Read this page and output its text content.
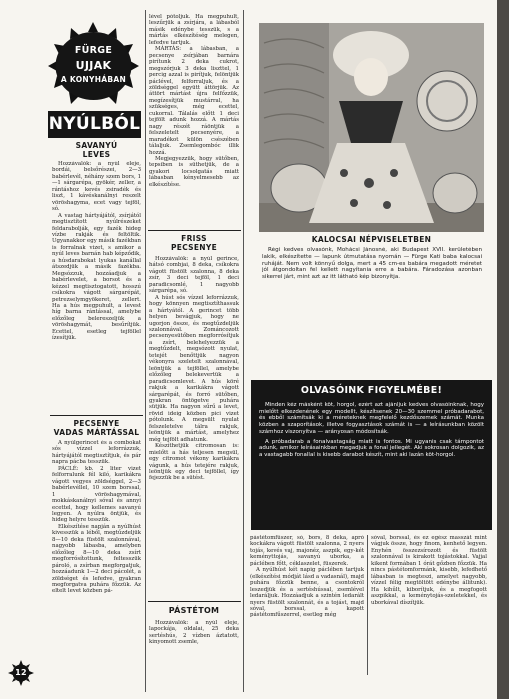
FÜRGE
UJJAK
A KONYHÁBAN
NYÚLBÓL
SAVANYÚ
LEVES

Hozzávalók: a nyúl eleje, bordái, belsőrészei, 2—3 babérlevél, néhány szem bors, 1—1 sárgarépa, gyökér, zeller, a rántáshoz kevés zsiradék és liszt, 1 kávéskanálnyi reszelt vöröshagyma, ecet vagy tejföl, só.

A vastag hártyájától, zsírjától megtisztított nyúlrészeket feldarabolják, egy fazék hideg vízbe rakják és feltöltik. Ugyanakkor egy másik fazékban is forralnak vizet, s amikor a nyúl leves barnán hab képződik, a húsdarabokat lyukas kanállal átszedjük a másik fazékba. Megsózzuk, hozzáadjuk a babérlevelet, a borsot és a kézzel megtisztogatott, hosszú csíkokra vágott sárgarépát, petrezselymgyökeret, zellert. Ha a hús megpuhult, a levest híg barna rántással, amelybe előzőleg belereszeljük a vöröshagymát, besűrítjük. Ecettel, esetleg tejföllel ízesítjük.

PECSENYE
VADAS MÁRTÁSSAL

A nyúlgerincet és a combokat sós vízzel leforrázzuk, hártyájától megtisztítjuk, és pár napra pácba tesszük.

PÁCLÉ: kb. 2 liter vizet felforralunk fél kiló, karikákra vágott vegyes zöldséggel, 2—3 babérlevéllel, 10 szem borssal, 1 vöröshagymával, mokkáskanálnyi sóval és annyi ecettel, hogy kellemes savanyú legyen. A nyúlra öntjük, és hideg helyre tesszük.

Elkészítése napján a nyúlhúst kivesszük a léből, megtűzdeljük 8—10 deka füstölt szalonnával, nagyobb lábasba, amelyben előzőleg 8—10 deka zsírt megforrósítottunk, feltesszük pároló, a zsírban megforgatjuk, hozzáadunk 1—2 deci pácolét, a zöldséget és lefedve, gyakran megforgatva puhára főzzük. Az eltelt levet közben pá-

lével pótoljuk. Ha megpuhult, leszűrjük a zsírjára, a lábasból másik edénybe tesszük, s a mártás elkészítéség melegen, lefedve tartjuk.

MÁRTÁS: a lábasban, a pecsenye zsírjában barnára pirítunk 2 deka cukrot, megszórjuk 3 deka liszttel, 1 percig azzal is pirítjuk, felöntjük páclével, felforraljuk, és a zöldséggel együtt áttörjük. Az áttört mártást újra felfőzzük, megízesítjük mustárral, ha szükséges, még ecettel, cukorral. Tálalás előtt 1 deci tejfölt adunk hozzá. A mártás nagy részét ráöntjük a felszeletelt pecsenyére, a maradékot külön csészében tálaljuk. Zsemlegombóc illik hozzá.

Megjegyezzük, hogy sütőben, tepsiben is süthetjük, de a gyakori locsolgatás miatt lábasban kényelmesebb az elkészítése.

FRISS
PECSENYE

Hozzávalók: a nyúl gerince, hátsó combjai, 8 deka, csíkokra vágott füstölt szalonna, 8 deka zsír, 3 deci tejföl, 1 deci paradicsomlé, 1 nagyobb sárgarépa, só.

A húst sós vízzel leforrázzuk, hogy könnyen megtisztíthassuk a hártyától. A gerincet több helyen bevágjuk, hogy ne ugorjon össze, és megtűzdeljük szalonnával. Zománcozott pecsenyesütőben megforrósítjuk a zsírt, belehelyezzük a megtűzdelt, megsózott nyulat, tetejét benőttjük nagyon vékonyra szeletelt szalonnával, leöntjük a tejföllel, amelybe előzőleg belekevertük a paradicsomlevet. A hús köré rakjuk a karikákra vágott sárgarépát, és forró sütőben, gyakran öntögetve puhára sütjük. Ha nagyon sűrű a levet, rövid ideig közben pici vizet pótolunk. A megsült nyulat felszeletelve tálra rakjuk, leöntjük a mártást, amelyhez még tejfölt adhatunk.

Készíthetjük citromosan is: mielőtt a hás teljesen megsül, egy citromot vékony karikákra vágunk, a hús tetejére rakjuk, leöntjük egy deci tejföllel, így fejezzük be a sütést.

PÁSTÉTOM

Hozzávalók: a nyúl eleje, lapockája, oldalai, 25 deka sertéshús, 2 vízben áztatott, kinyomott zsemle,

KALOCSAI NÉPVISELETBEN

Régi kedves olvasónk, Mohácsi Jánosné, aki Budapest XVII. kerületében lakik, elkészítette — lapunk útmutatása nyomán — Fürge Kati baba kalocsai ruháját. Nem volt könnyű dolga, mert a 45 cm-es babára megadott méretet jól átgondoltan fel kellett nagyítania erre a babára. Fáradozása azonban sikerrel járt, mint azt az itt látható kép bizonyítja.

OLVASÓINK FIGYELMÉBE!

Minden kéz másként köt, horgol, ezért azt ajánljuk kedves olvasóinknak, hogy mielőtt elkezdenének egy modellt, készítsenek 20—30 szemmel próbadarabot, és ebből számítsák ki a méreteknek megfelelő kezdőszemek számát. Munka közben a szaporítások, illetve fogyasztások számát is — a leírásunkban közölt számhoz viszonyítva — arányosan módosítsák.

A próbadarab a fonalvastagság miatt is fontos. Mi ugyanis csak támpontot adunk, amikor leírásainkban megadjuk a fonal jellegét. Aki sokrosan dolgozik, az a vastagabb fonallal is kisebb darabot készít, mint aki lazán köt-horgol.

pástétomfűszer, só, bors, 8 deka, apró kockákra vágott füstölt szalonna, 2 nyers tojás, kevés vaj, majonéz, aszpik, egy-két keményttojás, savanyú uborka, a páclében főtt, céklaszelet, füszerek.

A nyúlhúst két napig páclében tartjuk (elkészítési módját lásd a vadasnál), majd puhára főzzük benne, a csontokról leszedjük és a sertéshússal, zsemlével ledaráljuk. Hozzáadjuk a szintén ledarált nyers füstölt szalonnát, és a tojást, majd sóval, borssal, a kapott pástétomfűszerrel, esetleg még

sóval, borssal, és ez egész masszát mint vágjuk össze, hogy finom, kenhető legyen. Enyhén összezsírozott és füstölt szalonnával is kirakott tojástokkal. Vajjal kikent formában 1 órát gőzben főzzük. Ha nincs pástétomformánk, kisebb, lefedhető lábasban is megteszi, amelyet nagyobb, vízzel félig megtöltött edénybe állítunk). Ha kihűlt, kiborítjuk, és a megfogott aszpikkal, a keménytojás-szeletekkel, és uborkával díszítjük.

12
